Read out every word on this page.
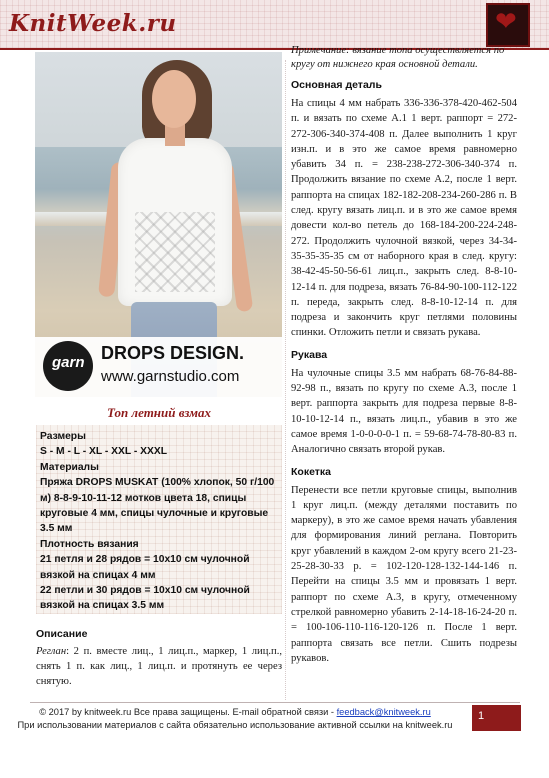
KnitWeek.ru	❤
garn DROPS DESIGN.
www.garnstudio.com
Топ летний взмах

Размеры

S - M - L - XL - XXL - XXXL

Материалы

Пряжа DROPS MUSKAT (100% хлопок, 50 г/100 м) 8-8-9-10-11-12 мотков цвета 18, спицы круговые 4 мм, спицы чулочные и круговые 3.5 мм

Плотность вязания

21 петля и 28 рядов = 10x10 см чулочной вязкой на спицах 4 мм

22 петли и 30 рядов = 10x10 см чулочной вязкой на спицах 3.5 мм

Описание

Реглан: 2 п. вместе лиц., 1 лиц.п., маркер, 1 лиц.п., снять 1 п. как лиц., 1 лиц.п. и протянуть ее через снятую.

Примечание: вязание топа осуществляется по кругу от нижнего края основной детали.

Основная деталь

На спицы 4 мм набрать 336-336-378-420-462-504 п. и вязать по схеме А.1 1 верт. раппорт = 272-272-306-340-374-408 п. Далее выполнить 1 круг изн.п. и в это же самое время равномерно убавить 34 п. = 238-238-272-306-340-374 п. Продолжить вязание по схеме А.2, после 1 верт. раппорта на спицах 182-182-208-234-260-286 п. В след. кругу вязать лиц.п. и в это же самое время довести кол-во петель до 168-184-200-224-248-272. Продолжить чулочной вязкой, через 34-34-35-35-35-35 см от наборного края в след. кругу: 38-42-45-50-56-61 лиц.п., закрыть след. 8-8-10-12-14 п. для подреза, вязать 76-84-90-100-112-122 п. переда, закрыть след. 8-8-10-12-14 п. для подреза и закончить круг петлями половины спинки. Отложить петли и связать рукава.

Рукава

На чулочные спицы 3.5 мм набрать 68-76-84-88-92-98 п., вязать по кругу по схеме А.3, после 1 верт. раппорта закрыть для подреза первые 8-8-10-10-12-14 п., вязать лиц.п., убавив в это же самое время 1-0-0-0-0-1 п. = 59-68-74-78-80-83 п. Аналогично связать второй рукав.

Кокетка

Перенести все петли круговые спицы, выполнив 1 круг лиц.п. (между деталями поставить по маркеру), в это же самое время начать убавления для формирования линий реглана. Повторить круг убавлений в каждом 2-ом кругу всего 21-23-25-28-30-33 р. = 102-120-128-132-144-146 п. Перейти на спицы 3.5 мм и провязать 1 верт. раппорт по схеме А.3, в кругу, отмеченному стрелкой равномерно убавить 2-14-18-16-24-20 п. = 100-106-110-116-120-126 п. После 1 верт. раппорта связать все петли. Сшить подрезы рукавов.

© 2017 by knitweek.ru Все права защищены. E-mail обратной связи - feedback@knitweek.ru
При использовании материалов с сайта обязательно использование активной ссылки на knitweek.ru
1
